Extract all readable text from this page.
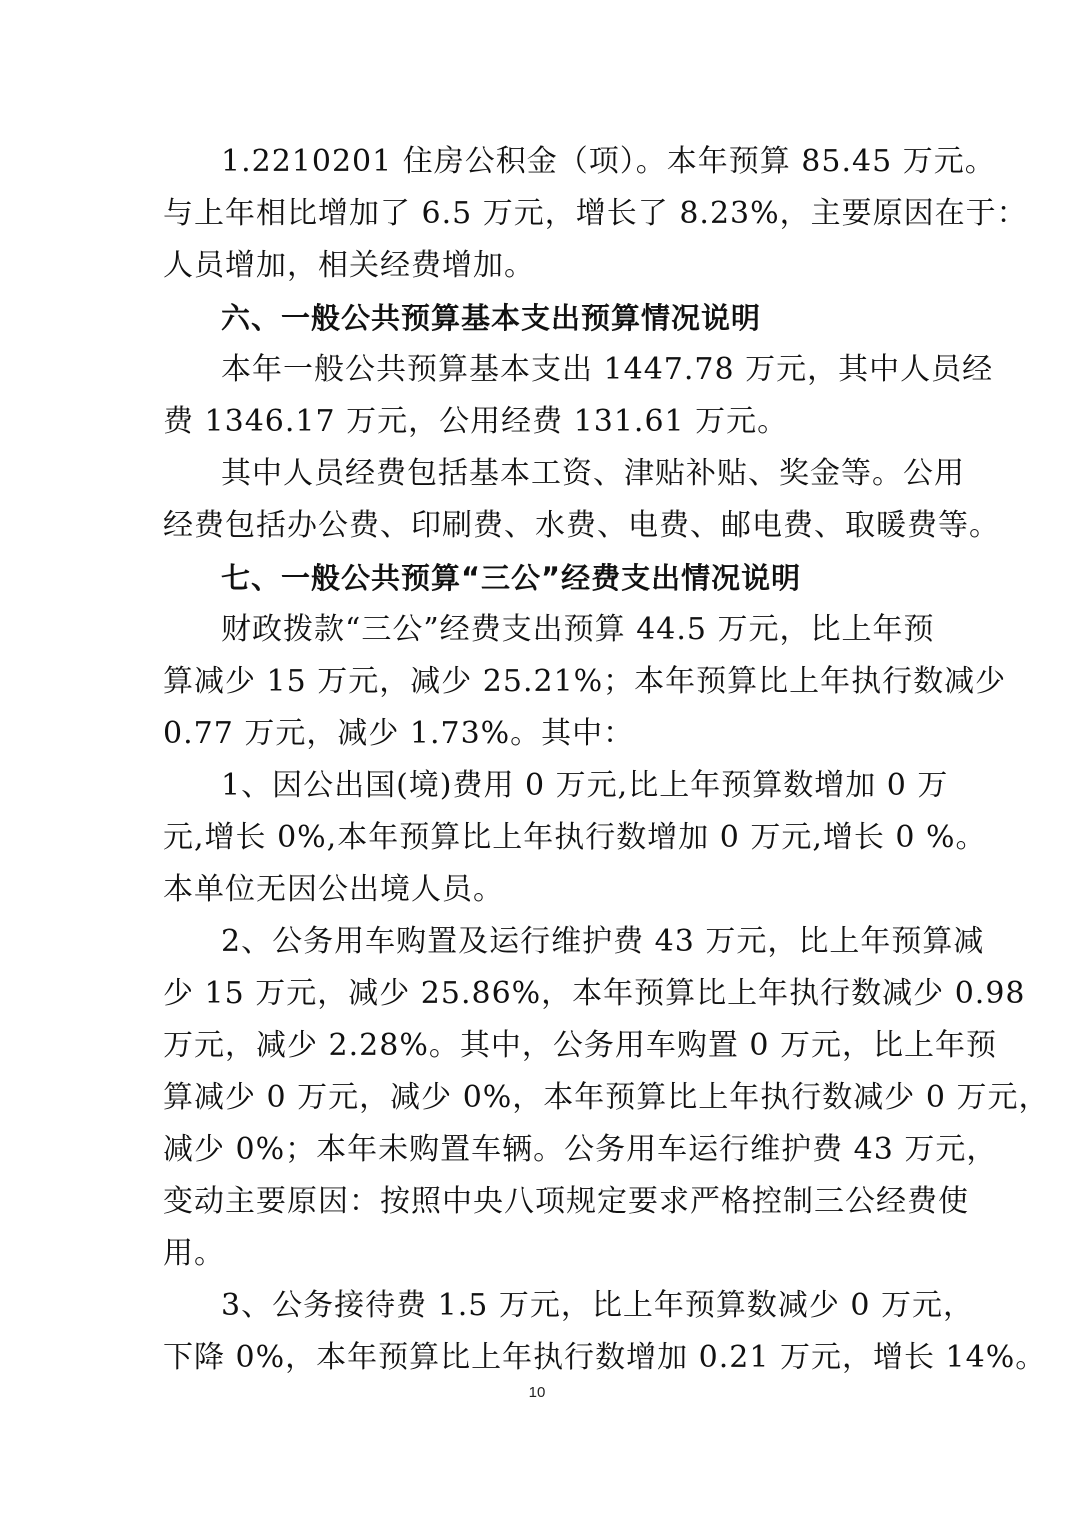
1.2210201 住房公积金（项）。本年预算 85.45 万元。
与上年相比增加了 6.5 万元，增长了 8.23%，主要原因在于：
人员增加，相关经费增加。
六、一般公共预算基本支出预算情况说明
本年一般公共预算基本支出 1447.78 万元，其中人员经
费 1346.17 万元，公用经费 131.61 万元。
其中人员经费包括基本工资、津贴补贴、奖金等。公用
经费包括办公费、印刷费、水费、电费、邮电费、取暖费等。
七、一般公共预算“三公”经费支出情况说明
财政拨款“三公”经费支出预算 44.5 万元，比上年预
算减少 15 万元，减少 25.21%；本年预算比上年执行数减少
0.77 万元，减少 1.73%。其中：
1、因公出国(境)费用 0 万元,比上年预算数增加 0 万
元,增长 0%,本年预算比上年执行数增加 0 万元,增长 0 %。
本单位无因公出境人员。
2、公务用车购置及运行维护费 43 万元，比上年预算减
少 15 万元，减少 25.86%，本年预算比上年执行数减少 0.98
万元，减少 2.28%。其中，公务用车购置 0 万元，比上年预
算减少 0 万元，减少 0%，本年预算比上年执行数减少 0 万元，
减少 0%；本年未购置车辆。公务用车运行维护费 43 万元，
变动主要原因：按照中央八项规定要求严格控制三公经费使
用。
3、公务接待费 1.5 万元，比上年预算数减少 0 万元，
下降 0%，本年预算比上年执行数增加 0.21 万元，增长 14%。
10
